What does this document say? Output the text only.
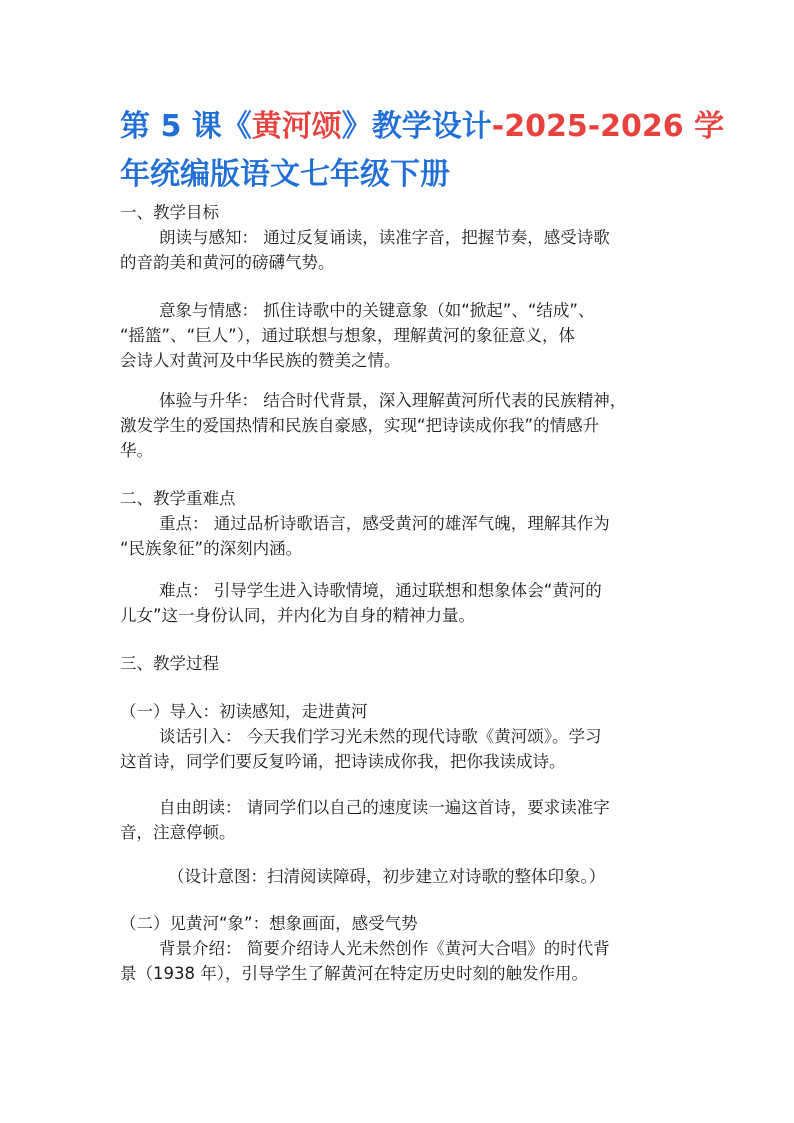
第 5 课《黄河颂》教学设计-2025-2026 学
年统编版语文七年级下册

一、教学目标

朗读与感知： 通过反复诵读，读准字音，把握节奏，感受诗歌

的音韵美和黄河的磅礴气势。

意象与情感： 抓住诗歌中的关键意象（如“掀起”、“结成”、

“摇篮”、“巨人”），通过联想与想象，理解黄河的象征意义，体

会诗人对黄河及中华民族的赞美之情。

体验与升华： 结合时代背景，深入理解黄河所代表的民族精神，

激发学生的爱国热情和民族自豪感，实现“把诗读成你我”的情感升

华。

二、教学重难点

重点： 通过品析诗歌语言，感受黄河的雄浑气魄，理解其作为

“民族象征”的深刻内涵。

难点： 引导学生进入诗歌情境，通过联想和想象体会“黄河的

儿女”这一身份认同，并内化为自身的精神力量。

三、教学过程

（一）导入：初读感知，走进黄河

谈话引入： 今天我们学习光未然的现代诗歌《黄河颂》。学习

这首诗，同学们要反复吟诵，把诗读成你我，把你我读成诗。

自由朗读： 请同学们以自己的速度读一遍这首诗，要求读准字

音，注意停顿。

（设计意图：扫清阅读障碍，初步建立对诗歌的整体印象。）

（二）见黄河“象”：想象画面，感受气势

背景介绍： 简要介绍诗人光未然创作《黄河大合唱》的时代背

景（1938 年），引导学生了解黄河在特定历史时刻的触发作用。
